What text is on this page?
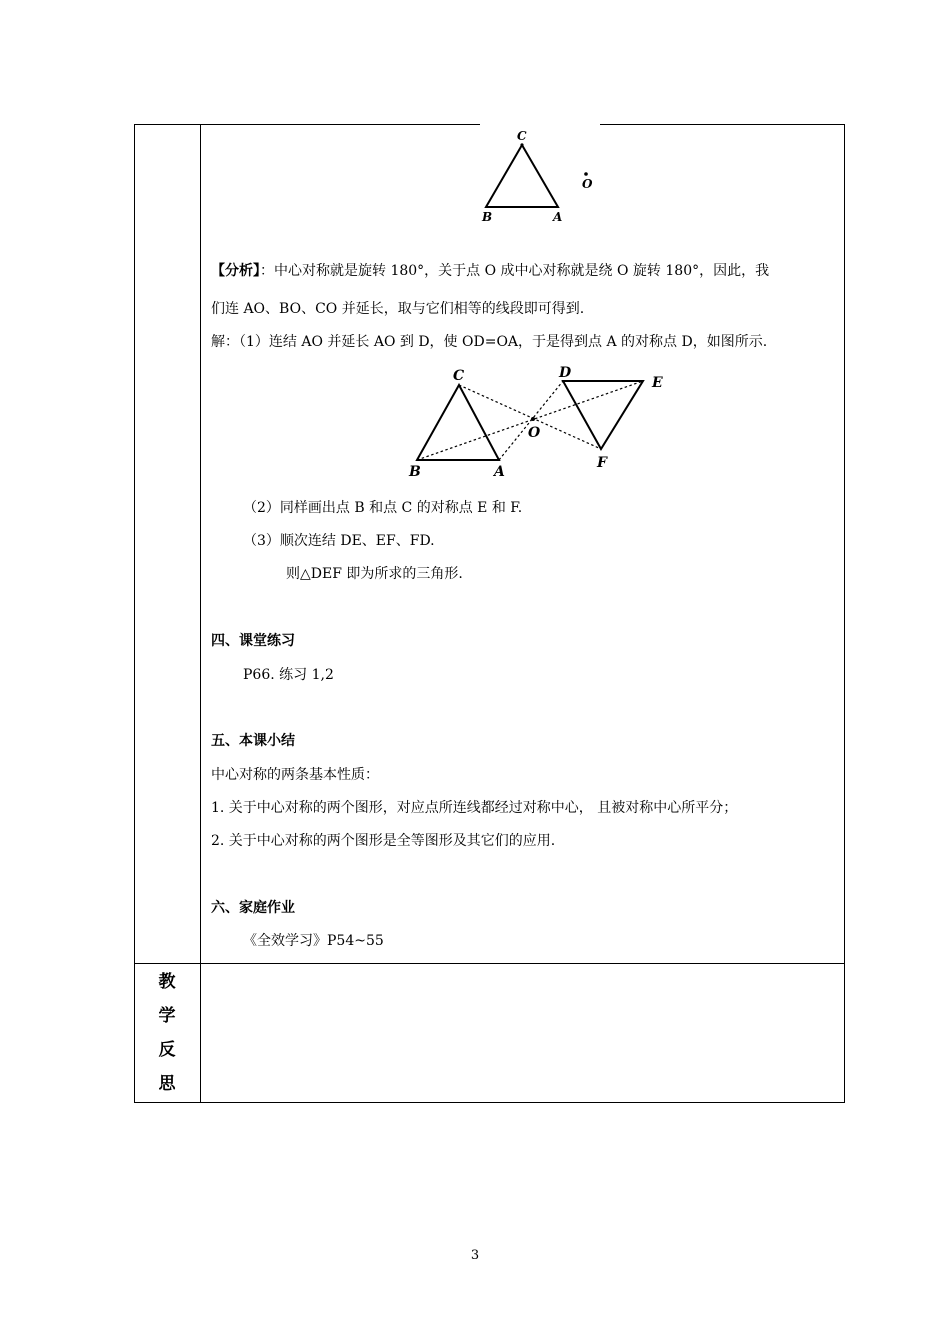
C
B	A
O
【分析】：中心对称就是旋转 180°，关于点 O 成中心对称就是绕 O 旋转 180°，因此，我
们连 AO、BO、CO 并延长，取与它们相等的线段即可得到.
解：（1）连结 AO 并延长 AO 到 D，使 OD=OA，于是得到点 A 的对称点 D，如图所示.
C
B	A
O
D
E
F
（2）同样画出点 B 和点 C 的对称点 E 和 F.
（3）顺次连结 DE、EF、FD.
则△DEF 即为所求的三角形.
四、课堂练习
P66. 练习 1,2
五、本课小结
中心对称的两条基本性质：
1. 关于中心对称的两个图形，对应点所连线都经过对称中心， 且被对称中心所平分；
2. 关于中心对称的两个图形是全等图形及其它们的应用.
六、家庭作业
《全效学习》P54~55
教
学
反
思
3
